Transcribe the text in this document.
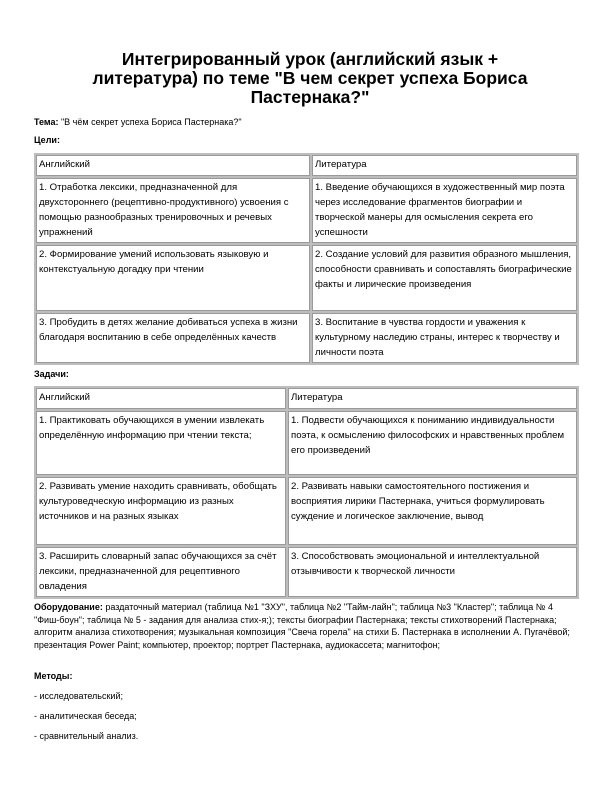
Интегрированный урок (английский язык +
литература) по теме "В чем секрет успеха Бориса
Пастернака?"
Тема: "В чём секрет успеха Бориса Пастернака?"
Цели:
Английский	Литература
1. Отработка лексики, предназначенной для двухстороннего (рецептивно-продуктивного) усвоения с помощью разнообразных тренировочных и речевых упражнений	1. Введение обучающихся в художественный мир поэта через исследование фрагментов биографии и творческой манеры для осмысления секрета его успешности
2. Формирование умений использовать языковую и контекстуальную догадку при чтении	2. Создание условий для развития образного мышления, способности сравнивать и сопоставлять биографические факты и лирические произведения
3. Пробудить в детях желание добиваться успеха в жизни благодаря воспитанию в себе определённых качеств	3. Воспитание в чувства гордости и уважения к культурному наследию страны, интерес к творчеству и личности поэта
Задачи:
Английский	Литература
1. Практиковать обучающихся в умении извлекать определённую информацию при чтении текста;	1. Подвести обучающихся к пониманию индивидуальности поэта, к осмыслению философских и нравственных проблем его произведений
2. Развивать умение находить сравнивать, обобщать культуроведческую информацию из разных источников и на разных языках	2. Развивать навыки самостоятельного постижения и восприятия лирики Пастернака, учиться формулировать суждение и логическое заключение, вывод
3. Расширить словарный запас обучающихся за счёт лексики, предназначенной для рецептивного овладения	3. Способствовать эмоциональной и интеллектуальной отзывчивости к творческой личности
Оборудование: раздаточный материал (таблица №1 "ЗХУ", таблица №2 "Тайм-лайн"; таблица №3 "Кластер"; таблица № 4 "Фиш-боун"; таблица № 5 - задания для анализа стих-я;); тексты биографии Пастернака; тексты стихотворений Пастернака; алгоритм анализа стихотворения; музыкальная композиция "Свеча горела" на стихи Б. Пастернака в исполнении А. Пугачёвой; презентация Power Paint; компьютер, проектор; портрет Пастернака, аудиокассета; магнитофон;
Методы:
- исследовательский;
- аналитическая беседа;
- сравнительный анализ.
